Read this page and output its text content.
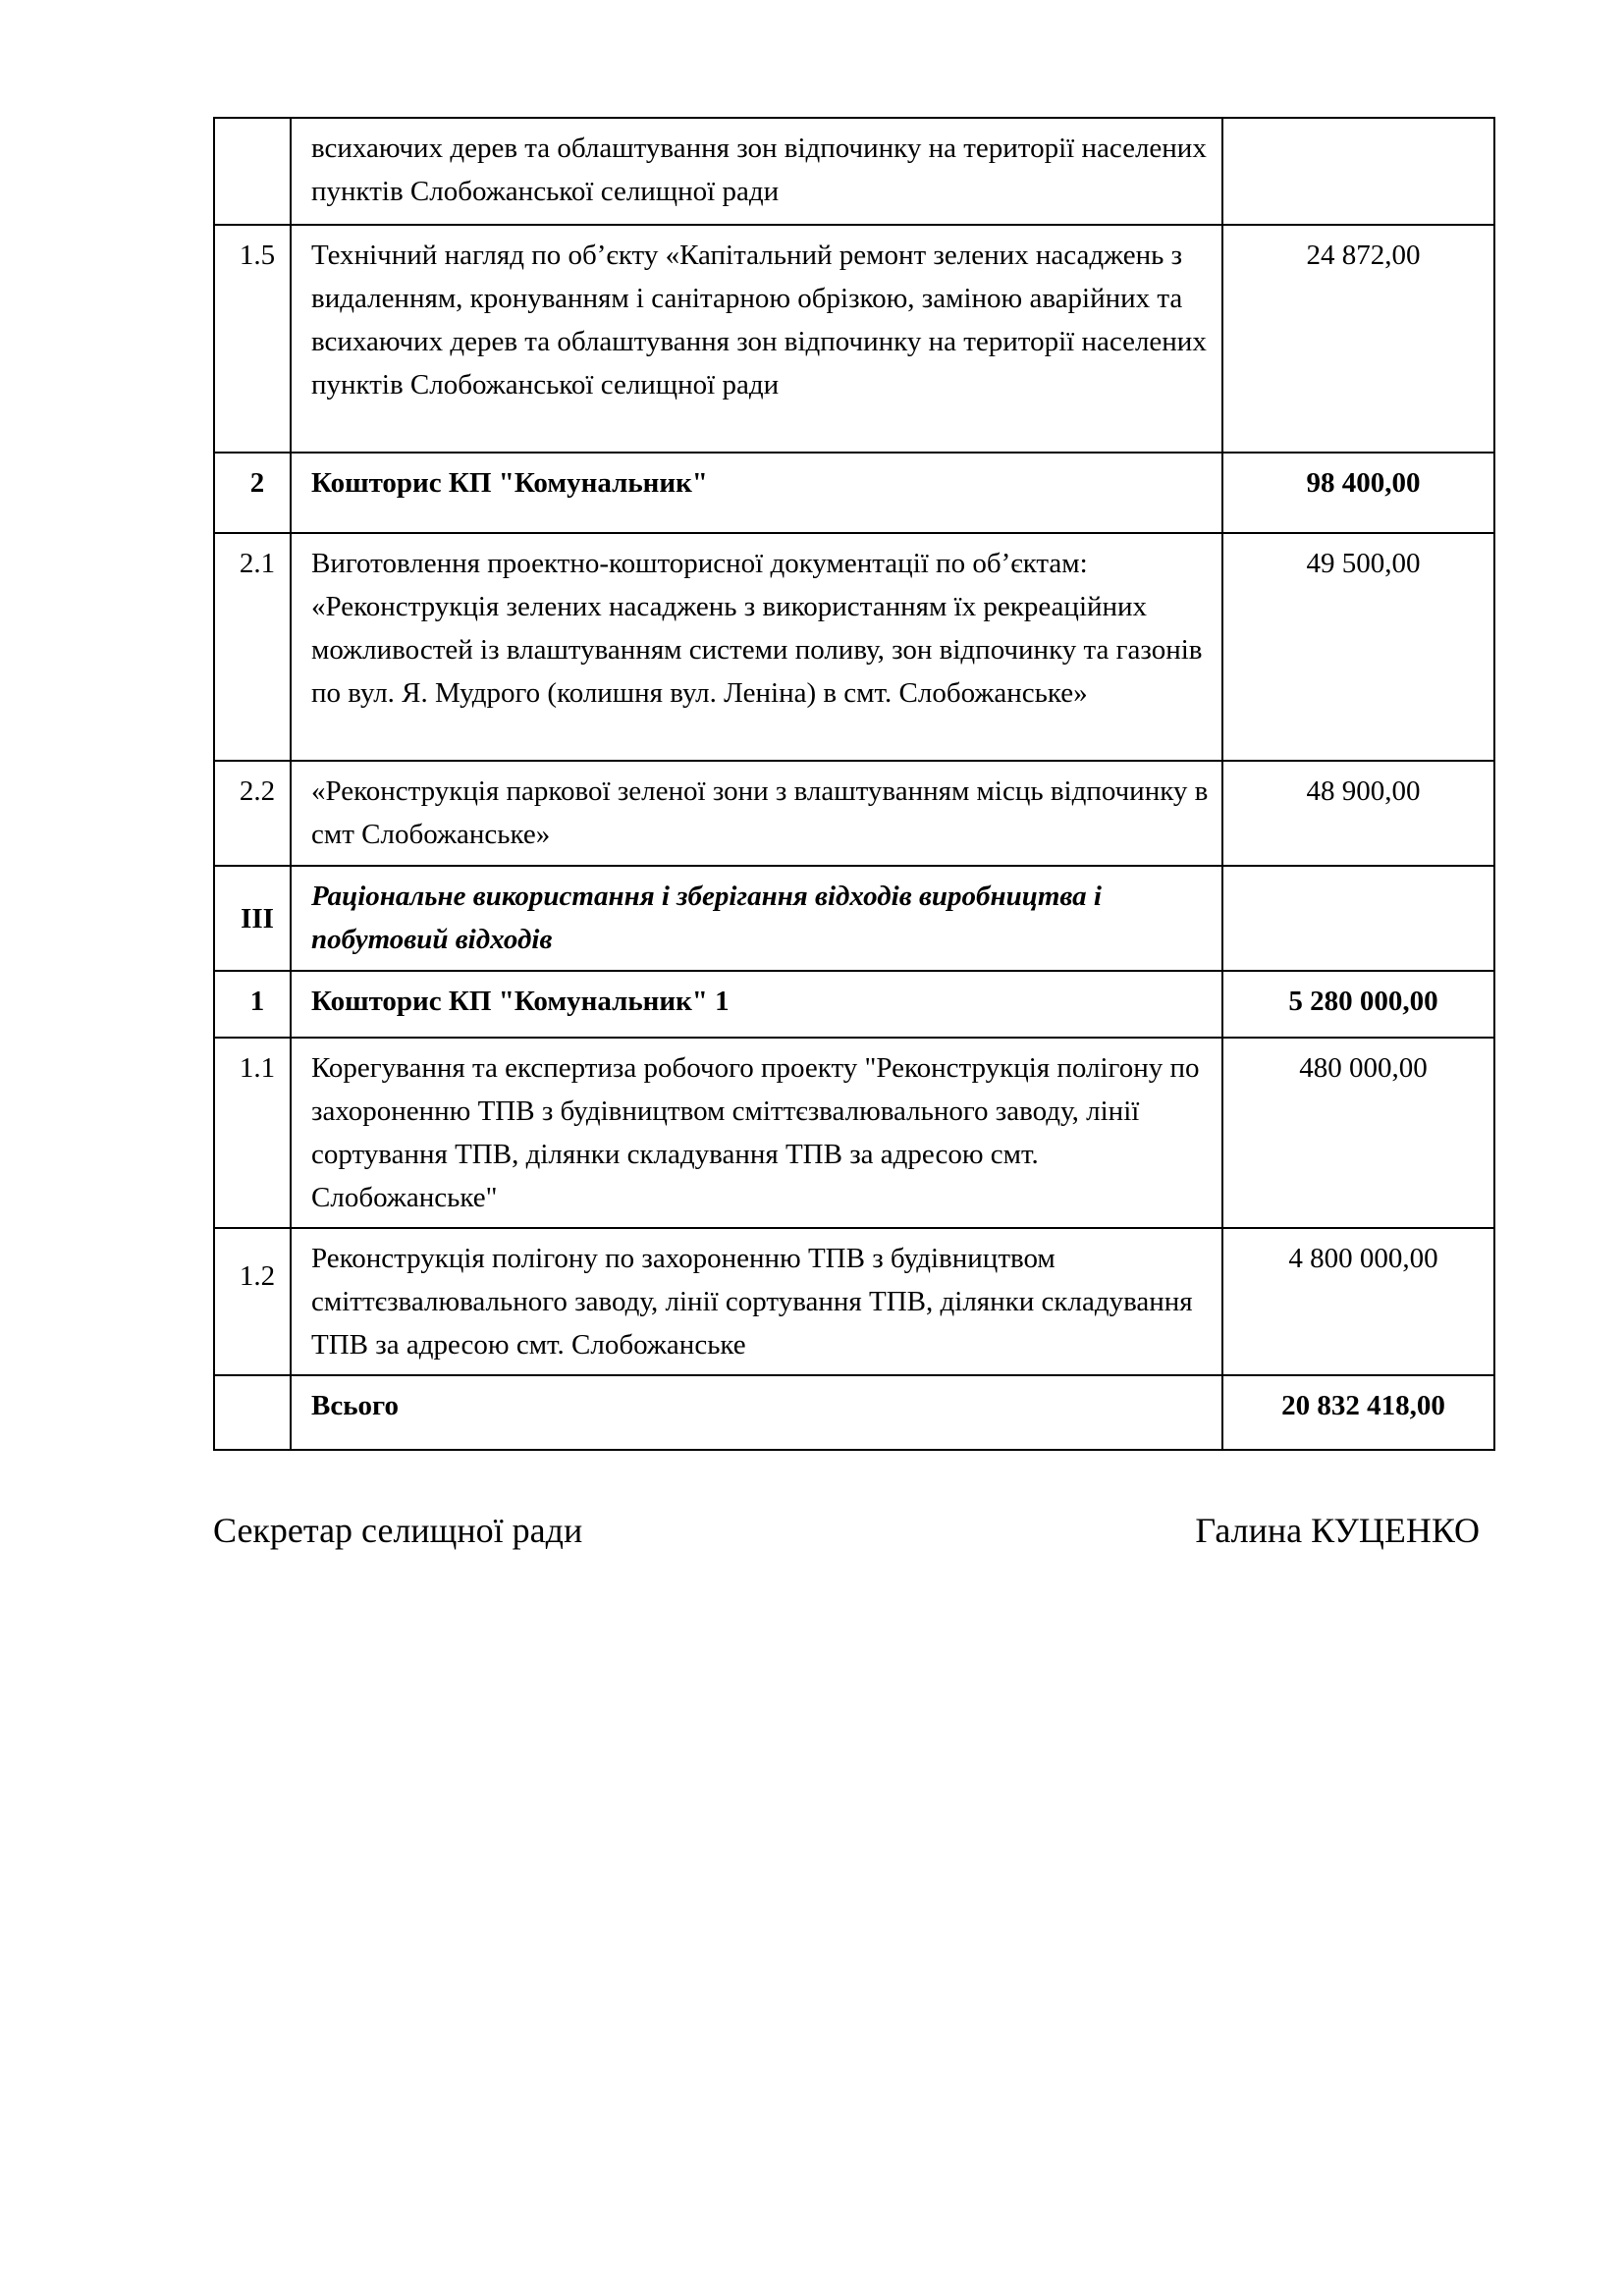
	всихаючих дерев та облаштування зон відпочинку на території населених пунктів Слобожанської селищної ради	
1.5	Технічний нагляд по об’єкту «Капітальний ремонт зелених насаджень з видаленням, кронуванням і санітарною обрізкою, заміною аварійних та всихаючих дерев та облаштування зон відпочинку на території населених пунктів Слобожанської селищної ради	24 872,00
2	Кошторис КП "Комунальник"	98 400,00
2.1	Виготовлення проектно-кошторисної документації по об’єктам: «Реконструкція зелених насаджень з використанням їх рекреаційних можливостей із влаштуванням системи поливу, зон відпочинку та газонів по вул. Я. Мудрого (колишня вул. Леніна) в смт. Слобожанське»	49 500,00
2.2	«Реконструкція паркової зеленої зони з влаштуванням місць відпочинку в смт Слобожанське»	48 900,00
III	Раціональне використання і зберігання відходів виробництва і побутовий відходів	
1	Кошторис КП "Комунальник" 1	5 280 000,00
1.1	Корегування та експертиза робочого проекту "Реконструкція полігону по захороненню ТПВ з будівництвом сміттєзвалювального заводу, лінії сортування ТПВ, ділянки складування ТПВ за адресою смт. Слобожанське"	480 000,00
1.2	Реконструкція полігону по захороненню ТПВ з будівництвом сміттєзвалювального заводу, лінії сортування ТПВ, ділянки складування ТПВ за адресою смт. Слобожанське	4 800 000,00
	Всього	20 832 418,00
Секретар селищної ради	Галина КУЦЕНКО
